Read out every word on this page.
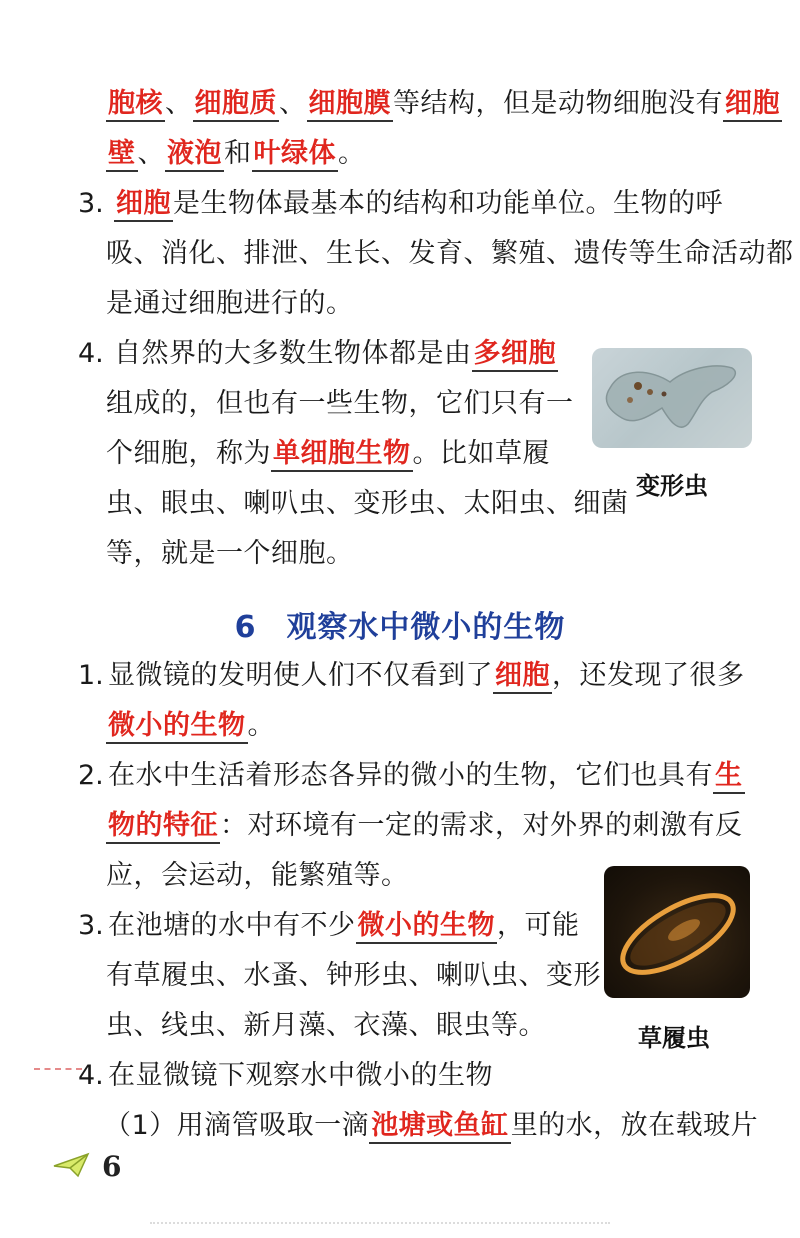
胞核、细胞质、细胞膜等结构，但是动物细胞没有细胞
壁、液泡和叶绿体。
3. 细胞是生物体最基本的结构和功能单位。生物的呼
吸、消化、排泄、生长、发育、繁殖、遗传等生命活动都
是通过细胞进行的。
4. 自然界的大多数生物体都是由多细胞
组成的，但也有一些生物，它们只有一
个细胞，称为单细胞生物。比如草履
虫、眼虫、喇叭虫、变形虫、太阳虫、细菌
等，就是一个细胞。
变形虫
6 观察水中微小的生物
1. 显微镜的发明使人们不仅看到了细胞，还发现了很多
微小的生物。
2. 在水中生活着形态各异的微小的生物，它们也具有生
物的特征：对环境有一定的需求，对外界的刺激有反
应，会运动，能繁殖等。
3. 在池塘的水中有不少微小的生物，可能
有草履虫、水蚤、钟形虫、喇叭虫、变形
虫、线虫、新月藻、衣藻、眼虫等。	草履虫
4. 在显微镜下观察水中微小的生物
（1）用滴管吸取一滴池塘或鱼缸里的水，放在载玻片
6
